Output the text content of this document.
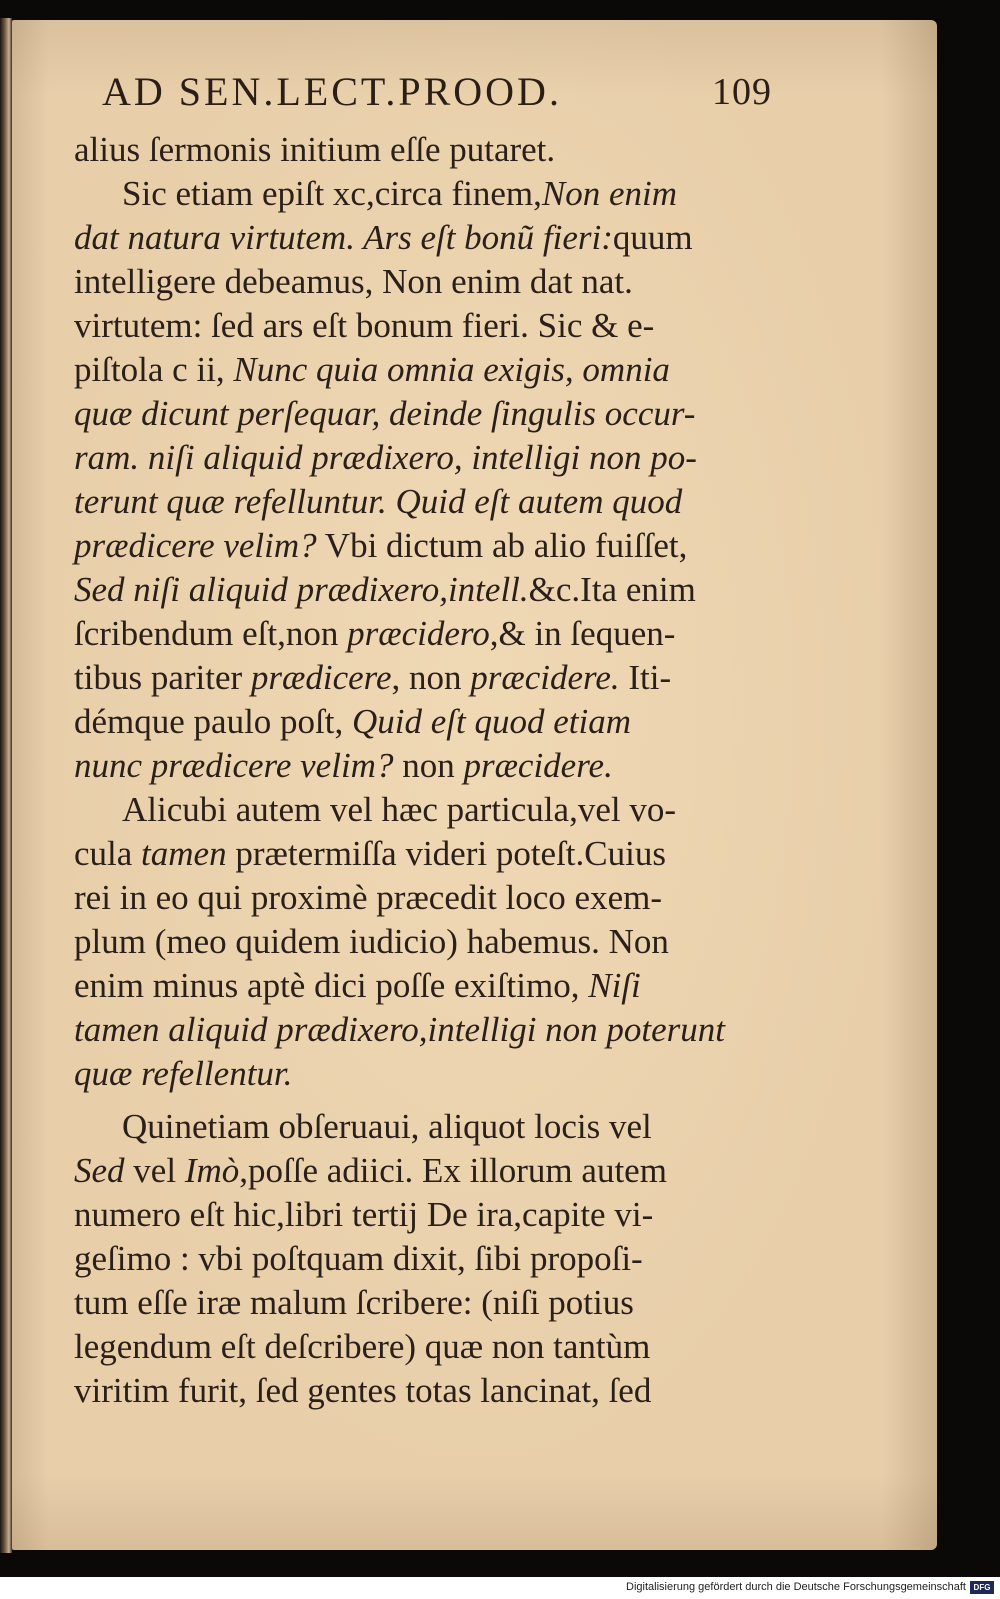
AD SEN.LECT.PROOD.	109
alius ſermonis initium eſſe putaret.
Sic etiam epiſt xc,circa finem,Non enim
dat natura virtutem. Ars eſt bonũ fieri:quum
intelligere debeamus, Non enim dat nat.
virtutem: ſed ars eſt bonum fieri. Sic & e-
piſtola c ii, Nunc quia omnia exigis, omnia
quæ dicunt perſequar, deinde ſingulis occur-
ram. niſi aliquid prædixero, intelligi non po-
terunt quæ refelluntur. Quid eſt autem quod
prædicere velim? Vbi dictum ab alio fuiſſet,
Sed niſi aliquid prædixero,intell.&c.Ita enim
ſcribendum eſt,non præcidero,& in ſequen-
tibus pariter prædicere, non præcidere. Iti-
démque paulo poſt, Quid eſt quod etiam
nunc prædicere velim? non præcidere.
Alicubi autem vel hæc particula,vel vo-
cula tamen prætermiſſa videri poteſt.Cuius
rei in eo qui proximè præcedit loco exem-
plum (meo quidem iudicio) habemus. Non
enim minus aptè dici poſſe exiſtimo, Niſi
tamen aliquid prædixero,intelligi non poterunt
quæ refellentur.
Quinetiam obſeruaui, aliquot locis vel
Sed vel Imò,poſſe adiici. Ex illorum autem
numero eſt hic,libri tertij De ira,capite vi-
geſimo : vbi poſtquam dixit, ſibi propoſi-
tum eſſe iræ malum ſcribere: (niſi potius
legendum eſt deſcribere) quæ non tantùm
viritim furit, ſed gentes totas lancinat, ſed
Digitalisierung gefördert durch die Deutsche Forschungsgemeinschaft DFG
